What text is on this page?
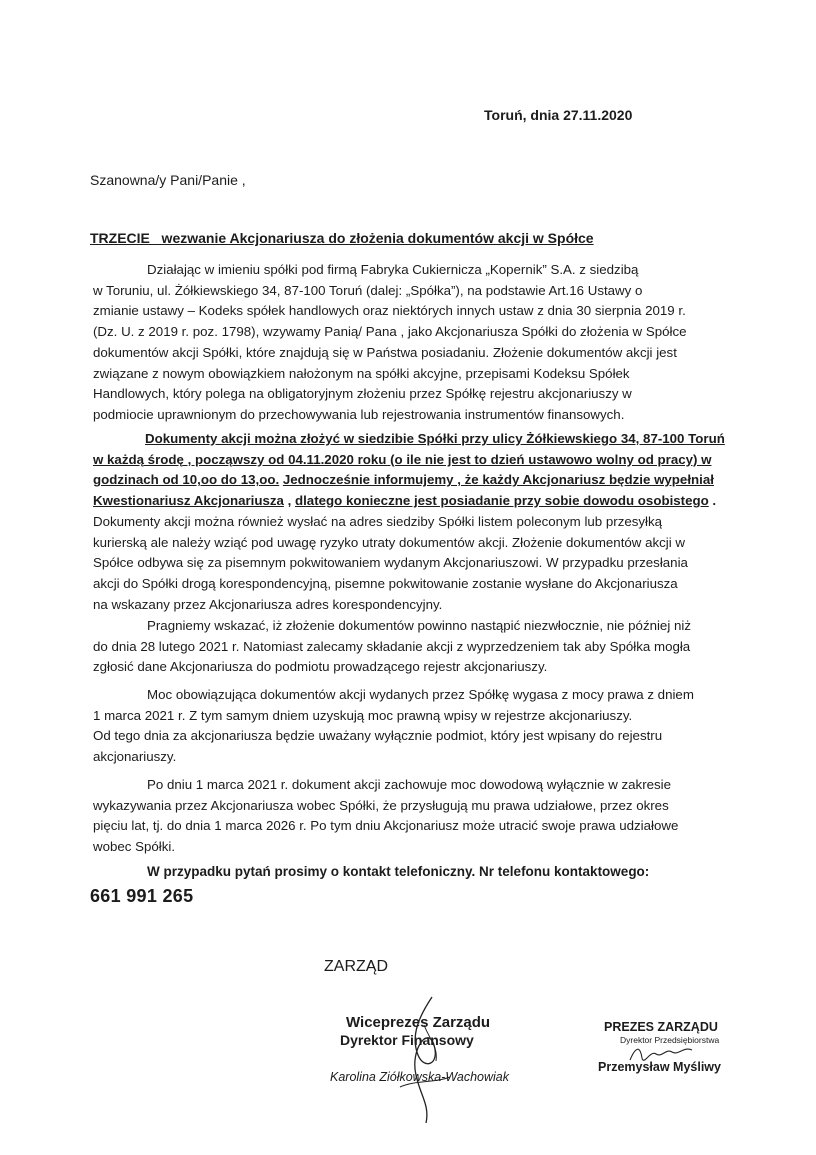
Toruń, dnia 27.11.2020
Szanowna/y Pani/Panie ,
TRZECIE   wezwanie Akcjonariusza do złożenia dokumentów akcji w Spółce

Działając w imieniu spółki pod firmą Fabryka Cukiernicza „Kopernik” S.A. z siedzibą

w Toruniu, ul. Żółkiewskiego 34, 87-100 Toruń (dalej: „Spółka”), na podstawie Art.16 Ustawy o

zmianie ustawy – Kodeks spółek handlowych oraz niektórych innych ustaw z dnia 30 sierpnia 2019 r.

(Dz. U. z 2019 r. poz. 1798), wzywamy Panią/ Pana , jako Akcjonariusza Spółki do złożenia w Spółce

dokumentów akcji Spółki, które znajdują się w Państwa posiadaniu. Złożenie dokumentów akcji jest

związane z nowym obowiązkiem nałożonym na spółki akcyjne, przepisami Kodeksu Spółek

Handlowych, który polega na obligatoryjnym złożeniu przez Spółkę rejestru akcjonariuszy w

podmiocie uprawnionym do przechowywania lub rejestrowania instrumentów finansowych.

Dokumenty akcji można złożyć w siedzibie Spółki przy ulicy Żółkiewskiego 34, 87-100 Toruń

w każdą środę , począwszy od 04.11.2020 roku (o ile nie jest to dzień ustawowo wolny od pracy) w

godzinach od 10,oo do 13,oo. Jednocześnie informujemy , że każdy Akcjonariusz będzie wypełniał

Kwestionariusz Akcjonariusza , dlatego konieczne jest posiadanie przy sobie dowodu osobistego .

Dokumenty akcji można również wysłać na adres siedziby Spółki listem poleconym lub przesyłką

kurierską ale należy wziąć pod uwagę ryzyko utraty dokumentów akcji. Złożenie dokumentów akcji w

Spółce odbywa się za pisemnym pokwitowaniem wydanym Akcjonariuszowi. W przypadku przesłania

akcji do Spółki drogą korespondencyjną, pisemne pokwitowanie zostanie wysłane do Akcjonariusza

na wskazany przez Akcjonariusza adres korespondencyjny.

Pragniemy wskazać, iż złożenie dokumentów powinno nastąpić niezwłocznie, nie później niż

do dnia 28 lutego 2021 r. Natomiast zalecamy składanie akcji z wyprzedzeniem tak aby Spółka mogła

zgłosić dane Akcjonariusza do podmiotu prowadzącego rejestr akcjonariuszy.

Moc obowiązująca dokumentów akcji wydanych przez Spółkę wygasa z mocy prawa z dniem

1 marca 2021 r. Z tym samym dniem uzyskują moc prawną wpisy w rejestrze akcjonariuszy.

Od tego dnia za akcjonariusza będzie uważany wyłącznie podmiot, który jest wpisany do rejestru

akcjonariuszy.

Po dniu 1 marca 2021 r. dokument akcji zachowuje moc dowodową wyłącznie w zakresie

wykazywania przez Akcjonariusza wobec Spółki, że przysługują mu prawa udziałowe, przez okres

pięciu lat, tj. do dnia 1 marca 2026 r. Po tym dniu Akcjonariusz może utracić swoje prawa udziałowe

wobec Spółki.

W przypadku pytań prosimy o kontakt telefoniczny. Nr telefonu kontaktowego:
661 991 265
ZARZĄD
Wiceprezes Zarządu
Dyrektor Finansowy
Karolina Ziółkowska-Wachowiak
PREZES ZARZĄDU
Dyrektor Przedsiębiorstwa
Przemysław Myśliwy
